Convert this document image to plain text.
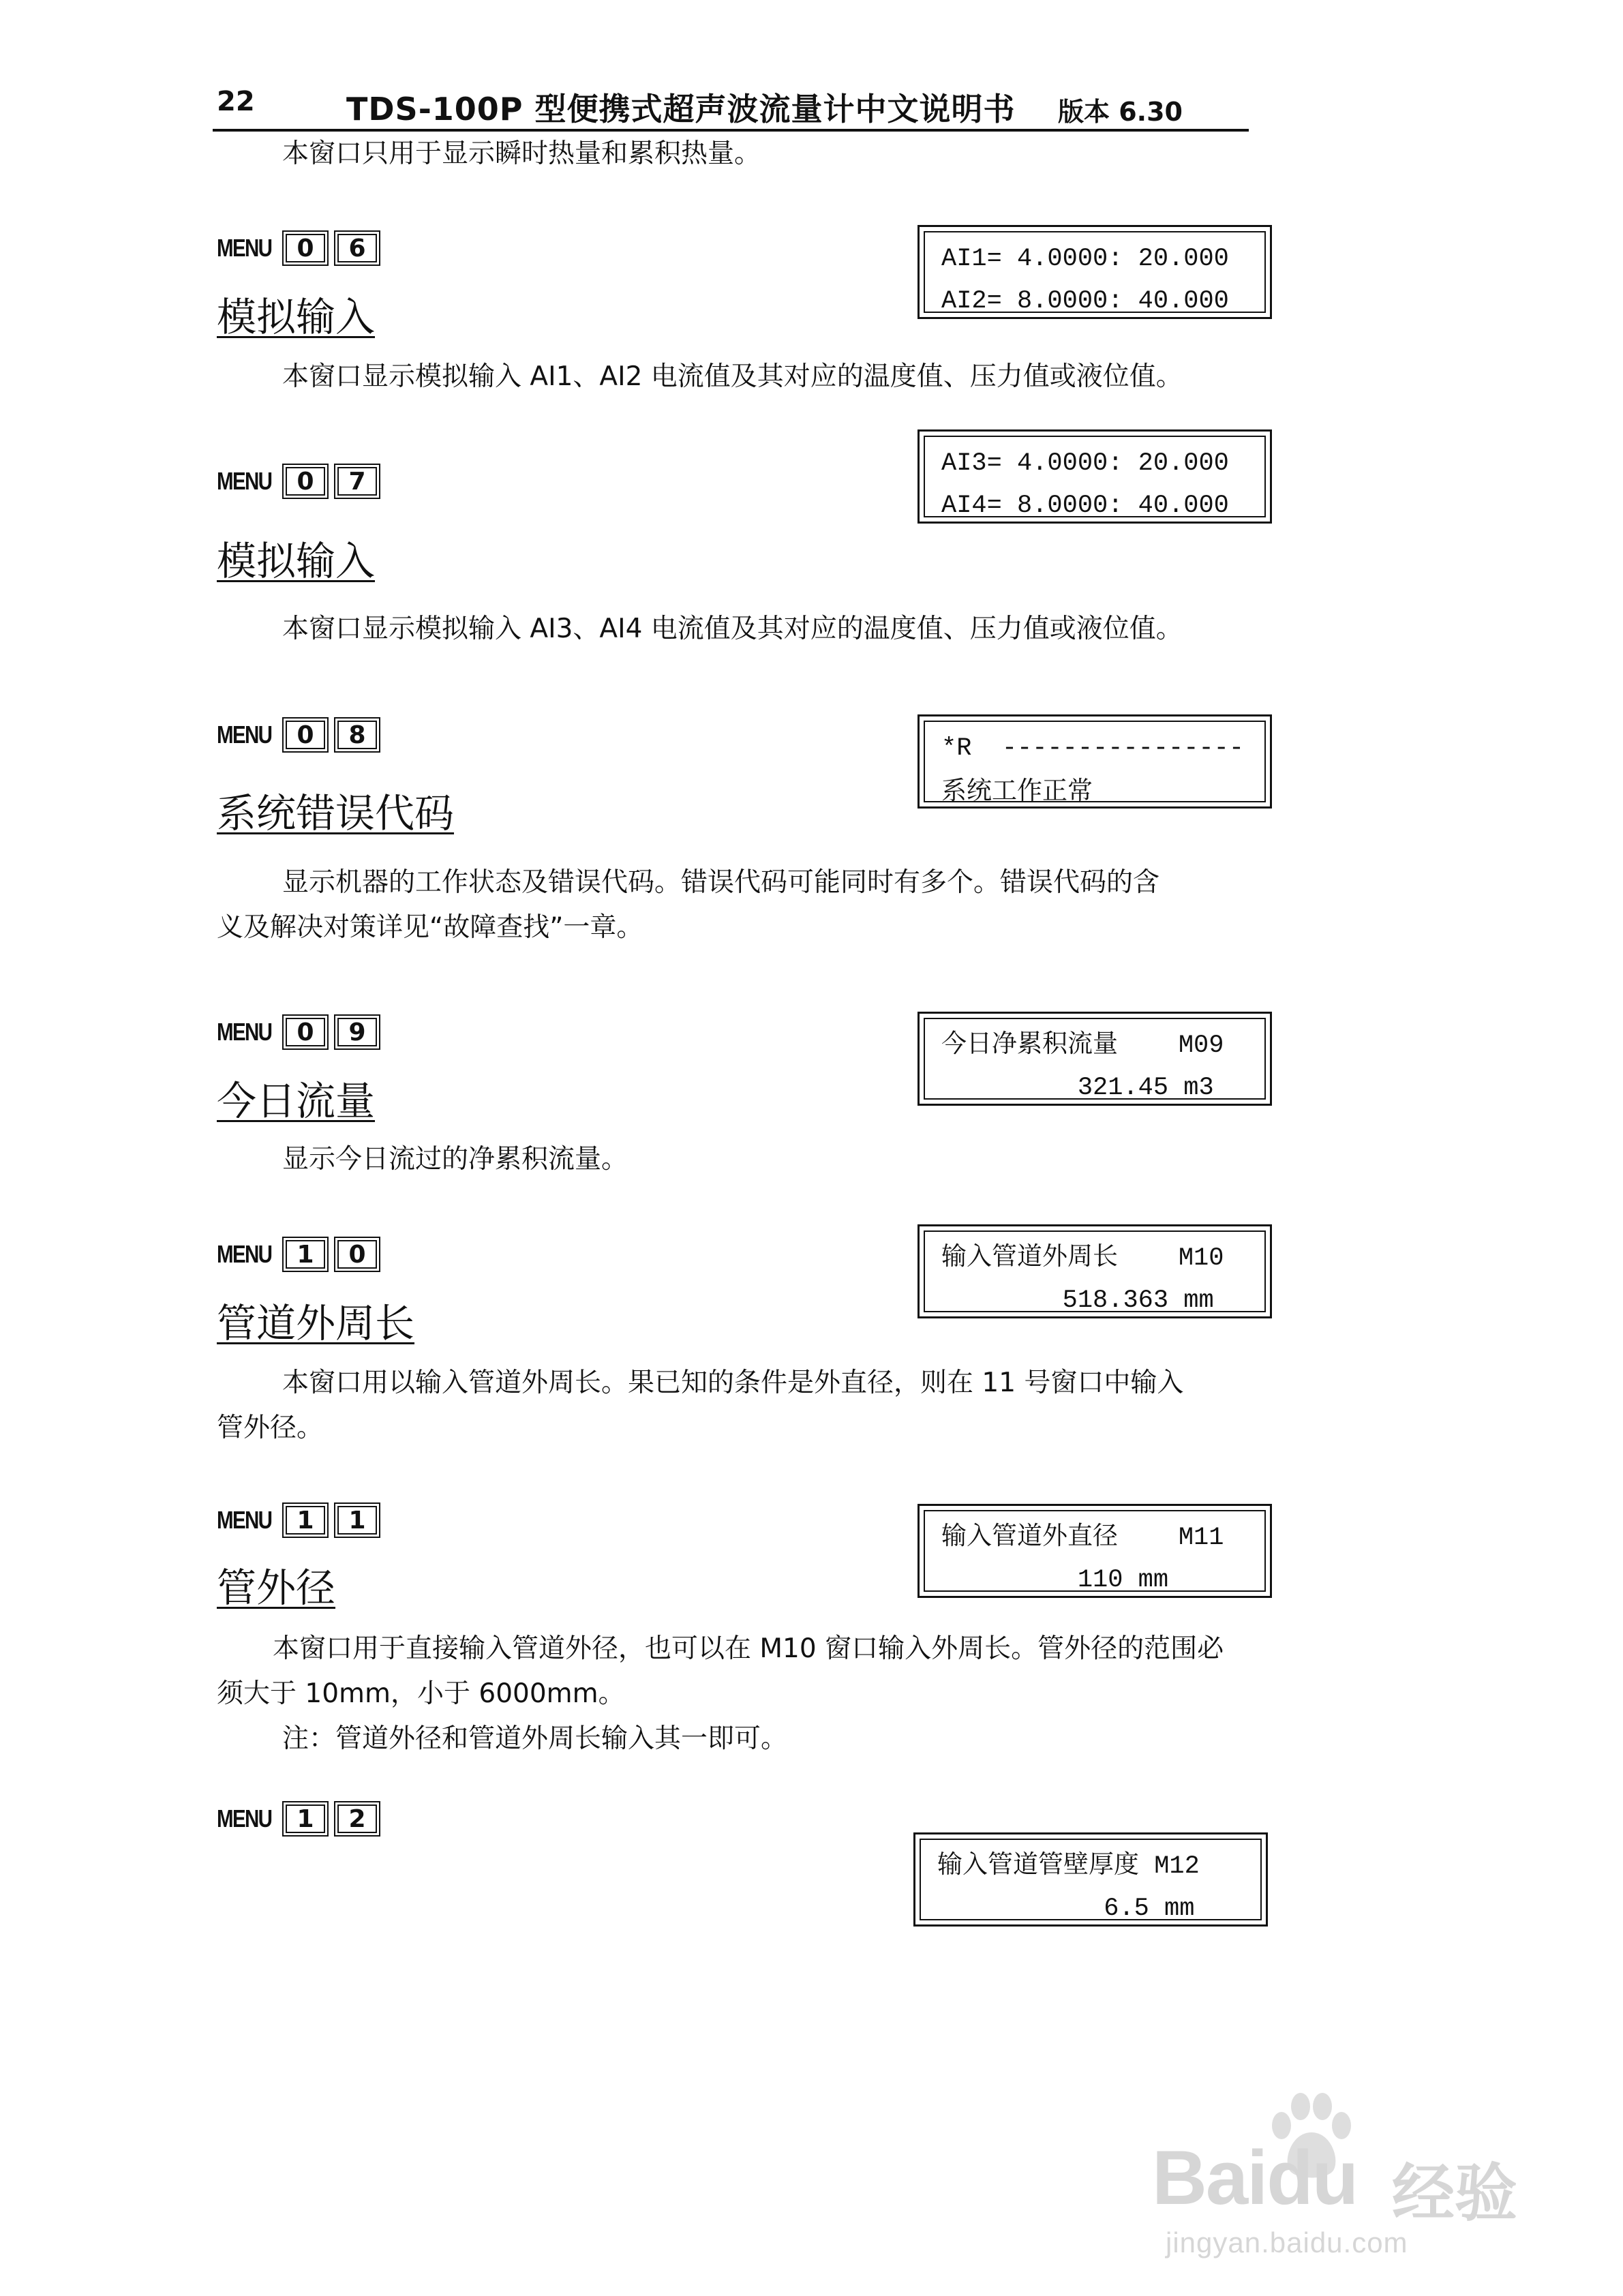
22	TDS-100P 型便携式超声波流量计中文说明书 版本 6.30
本窗口只用于显示瞬时热量和累积热量。
MENU	0	6
模拟输入
AI1= 4.0000: 20.000
AI2= 8.0000: 40.000
本窗口显示模拟输入 AI1、AI2 电流值及其对应的温度值、压力值或液位值。
MENU	0	7
模拟输入
AI3= 4.0000: 20.000
AI4= 8.0000: 40.000
本窗口显示模拟输入 AI3、AI4 电流值及其对应的温度值、压力值或液位值。
MENU	0	8
系统错误代码
*R  ----------------
系统工作正常
显示机器的工作状态及错误代码。错误代码可能同时有多个。错误代码的含
义及解决对策详见“故障查找”一章。
MENU	0	9
今日流量
今日净累积流量    M09
321.45 m3
显示今日流过的净累积流量。
MENU	1	0
管道外周长
输入管道外周长    M10
518.363 mm
本窗口用以输入管道外周长。果已知的条件是外直径，则在 11 号窗口中输入
管外径。
MENU	1	1
管外径
输入管道外直径    M11
110 mm
本窗口用于直接输入管道外径，也可以在 M10 窗口输入外周长。管外径的范围必
须大于 10mm，小于 6000mm。
注：管道外径和管道外周长输入其一即可。
MENU	1	2
输入管道管壁厚度 M12
6.5 mm
Baidu 经验
jingyan.baidu.com
